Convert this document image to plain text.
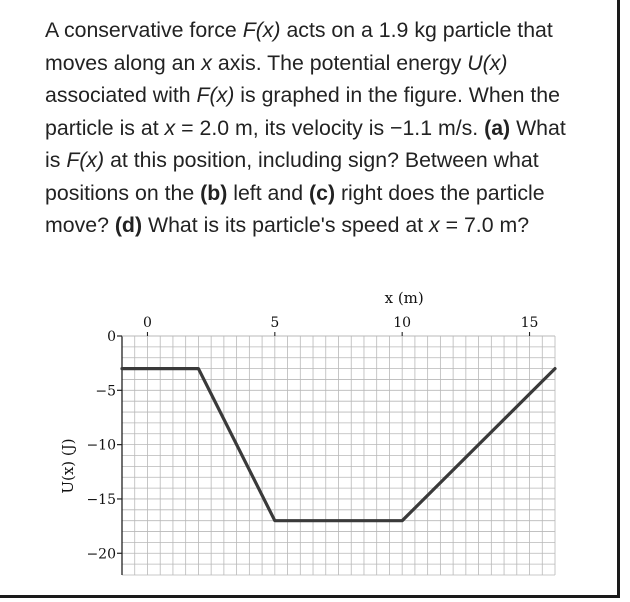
A conservative force F(x) acts on a 1.9 kg particle that moves along an x axis. The potential energy U(x) associated with F(x) is graphed in the figure. When the particle is at x = 2.0 m, its velocity is −1.1 m/s. (a) What is F(x) at this position, including sign? Between what positions on the (b) left and (c) right does the particle move? (d) What is its particle's speed at x = 7.0 m?

0
−5
−10
−15
−20
0	5	10	15
x (m)
U(x) (J)
